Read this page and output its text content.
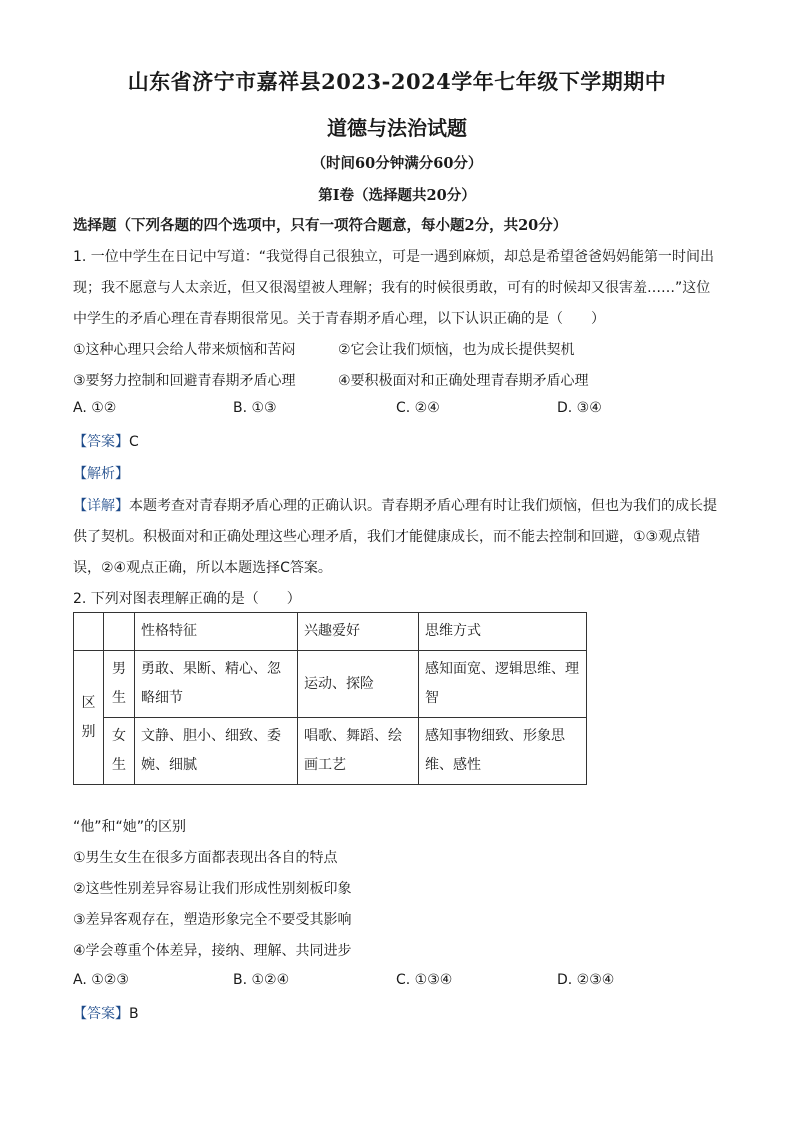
山东省济宁市嘉祥县2023-2024学年七年级下学期期中
道德与法治试题
（时间60分钟满分60分）
第Ⅰ卷（选择题共20分）
选择题（下列各题的四个选项中，只有一项符合题意，每小题2分，共20分）
1. 一位中学生在日记中写道：“我觉得自己很独立，可是一遇到麻烦，却总是希望爸爸妈妈能第一时间出
现；我不愿意与人太亲近，但又很渴望被人理解；我有的时候很勇敢，可有的时候却又很害羞……”这位
中学生的矛盾心理在青春期很常见。关于青春期矛盾心理，以下认识正确的是（　　）
①这种心理只会给人带来烦恼和苦闷	②它会让我们烦恼，也为成长提供契机
③要努力控制和回避青春期矛盾心理	④要积极面对和正确处理青春期矛盾心理
A. ①②	B. ①③	C. ②④	D. ③④
【答案】C
【解析】
【详解】本题考查对青春期矛盾心理的正确认识。青春期矛盾心理有时让我们烦恼，但也为我们的成长提
供了契机。积极面对和正确处理这些心理矛盾，我们才能健康成长，而不能去控制和回避，①③观点错
误，②④观点正确，所以本题选择C答案。
2. 下列对图表理解正确的是（　　）
		性格特征	兴趣爱好	思维方式
区别	男生	勇敢、果断、精心、忽略细节	运动、探险	感知面宽、逻辑思维、理智
	女生	文静、胆小、细致、委婉、细腻	唱歌、舞蹈、绘画工艺	感知事物细致、形象思维、感性
“他”和“她”的区别
①男生女生在很多方面都表现出各自的特点
②这些性别差异容易让我们形成性别刻板印象
③差异客观存在，塑造形象完全不要受其影响
④学会尊重个体差异，接纳、理解、共同进步
A. ①②③	B. ①②④	C. ①③④	D. ②③④
【答案】B
